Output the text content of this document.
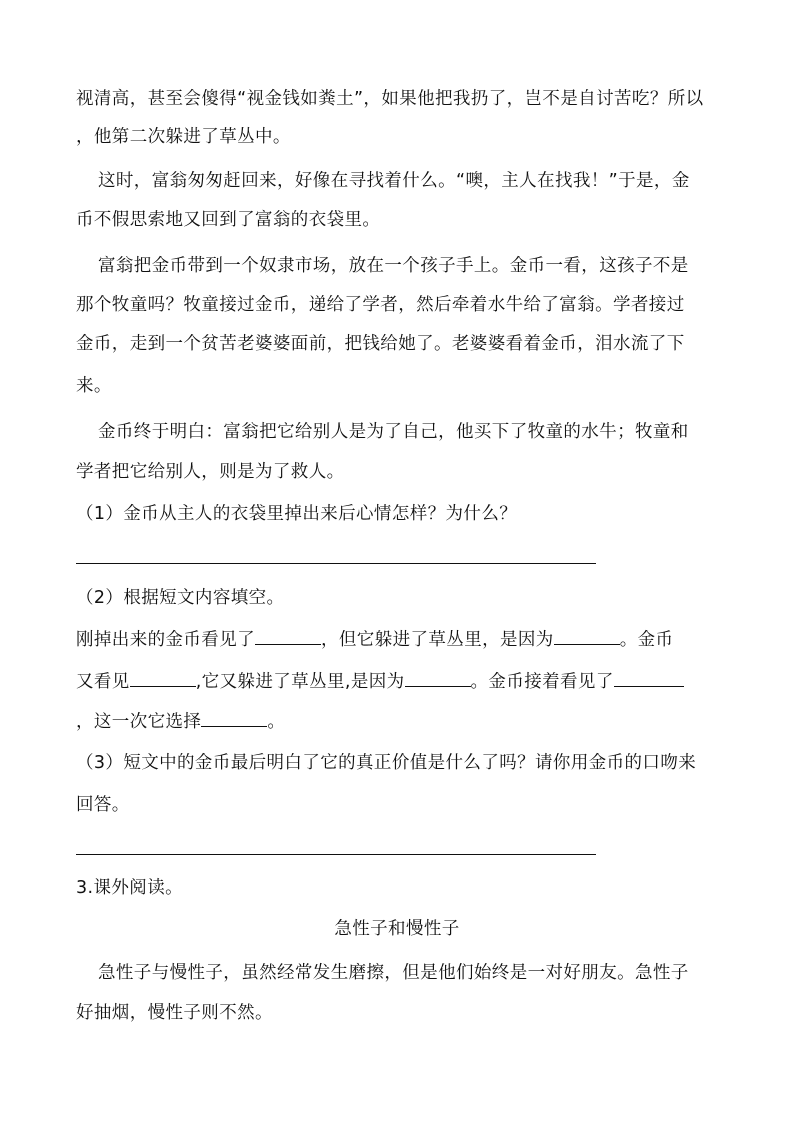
视清高，甚至会傻得“视金钱如粪土”，如果他把我扔了，岂不是自讨苦吃？所以
，他第二次躲进了草丛中。
这时，富翁匆匆赶回来，好像在寻找着什么。“噢，主人在找我！”于是，金
币不假思索地又回到了富翁的衣袋里。
富翁把金币带到一个奴隶市场，放在一个孩子手上。金币一看，这孩子不是
那个牧童吗？牧童接过金币，递给了学者，然后牵着水牛给了富翁。学者接过
金币，走到一个贫苦老婆婆面前，把钱给她了。老婆婆看着金币，泪水流了下
来。
金币终于明白：富翁把它给别人是为了自己，他买下了牧童的水牛；牧童和
学者把它给别人，则是为了救人。
（1）金币从主人的衣袋里掉出来后心情怎样？为什么？
（2）根据短文内容填空。
刚掉出来的金币看见了	，但它躲进了草丛里，是因为	。金币
又看见	,它又躲进了草丛里,是因为	。金币接着看见了
，这一次它选择	。
（3）短文中的金币最后明白了它的真正价值是什么了吗？请你用金币的口吻来
回答。
3.课外阅读。
急性子和慢性子
急性子与慢性子，虽然经常发生磨擦，但是他们始终是一对好朋友。急性子
好抽烟，慢性子则不然。
